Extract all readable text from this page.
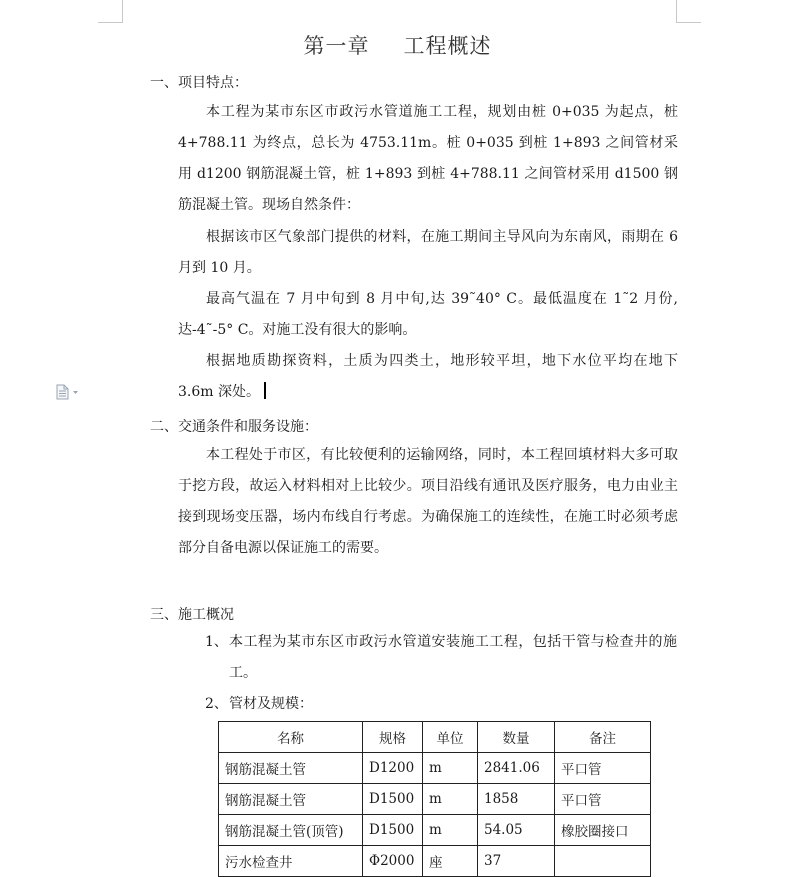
第一章 工程概述
一、项目特点：

本工程为某市东区市政污水管道施工工程，规划由桩 0+035 为起点，桩 4+788.11 为终点，总长为 4753.11m。桩 0+035 到桩 1+893 之间管材采用 d1200 钢筋混凝土管，桩 1+893 到桩 4+788.11 之间管材采用 d1500 钢筋混凝土管。现场自然条件：

根据该市区气象部门提供的材料，在施工期间主导风向为东南风，雨期在 6 月到 10 月。

最高气温在 7 月中旬到 8 月中旬,达 39˜40° C。最低温度在 1˜2 月份,达-4˜-5° C。对施工没有很大的影响。

根据地质勘探资料，土质为四类土，地形较平坦，地下水位平均在地下 3.6m 深处。

二、交通条件和服务设施：

本工程处于市区，有比较便利的运输网络，同时，本工程回填材料大多可取于挖方段，故运入材料相对上比较少。项目沿线有通讯及医疗服务，电力由业主接到现场变压器，场内布线自行考虑。为确保施工的连续性，在施工时必须考虑部分自备电源以保证施工的需要。

三、施工概况
1、 本工程为某市东区市政污水管道安装施工工程，包括干管与检查井的施工。
2、 管材及规模：
名称	规格	单位	数量	备注
钢筋混凝土管	D1200	m	2841.06	平口管
钢筋混凝土管	D1500	m	1858	平口管
钢筋混凝土管(顶管)	D1500	m	54.05	橡胶圈接口
污水检查井	Φ2000	座	37	
